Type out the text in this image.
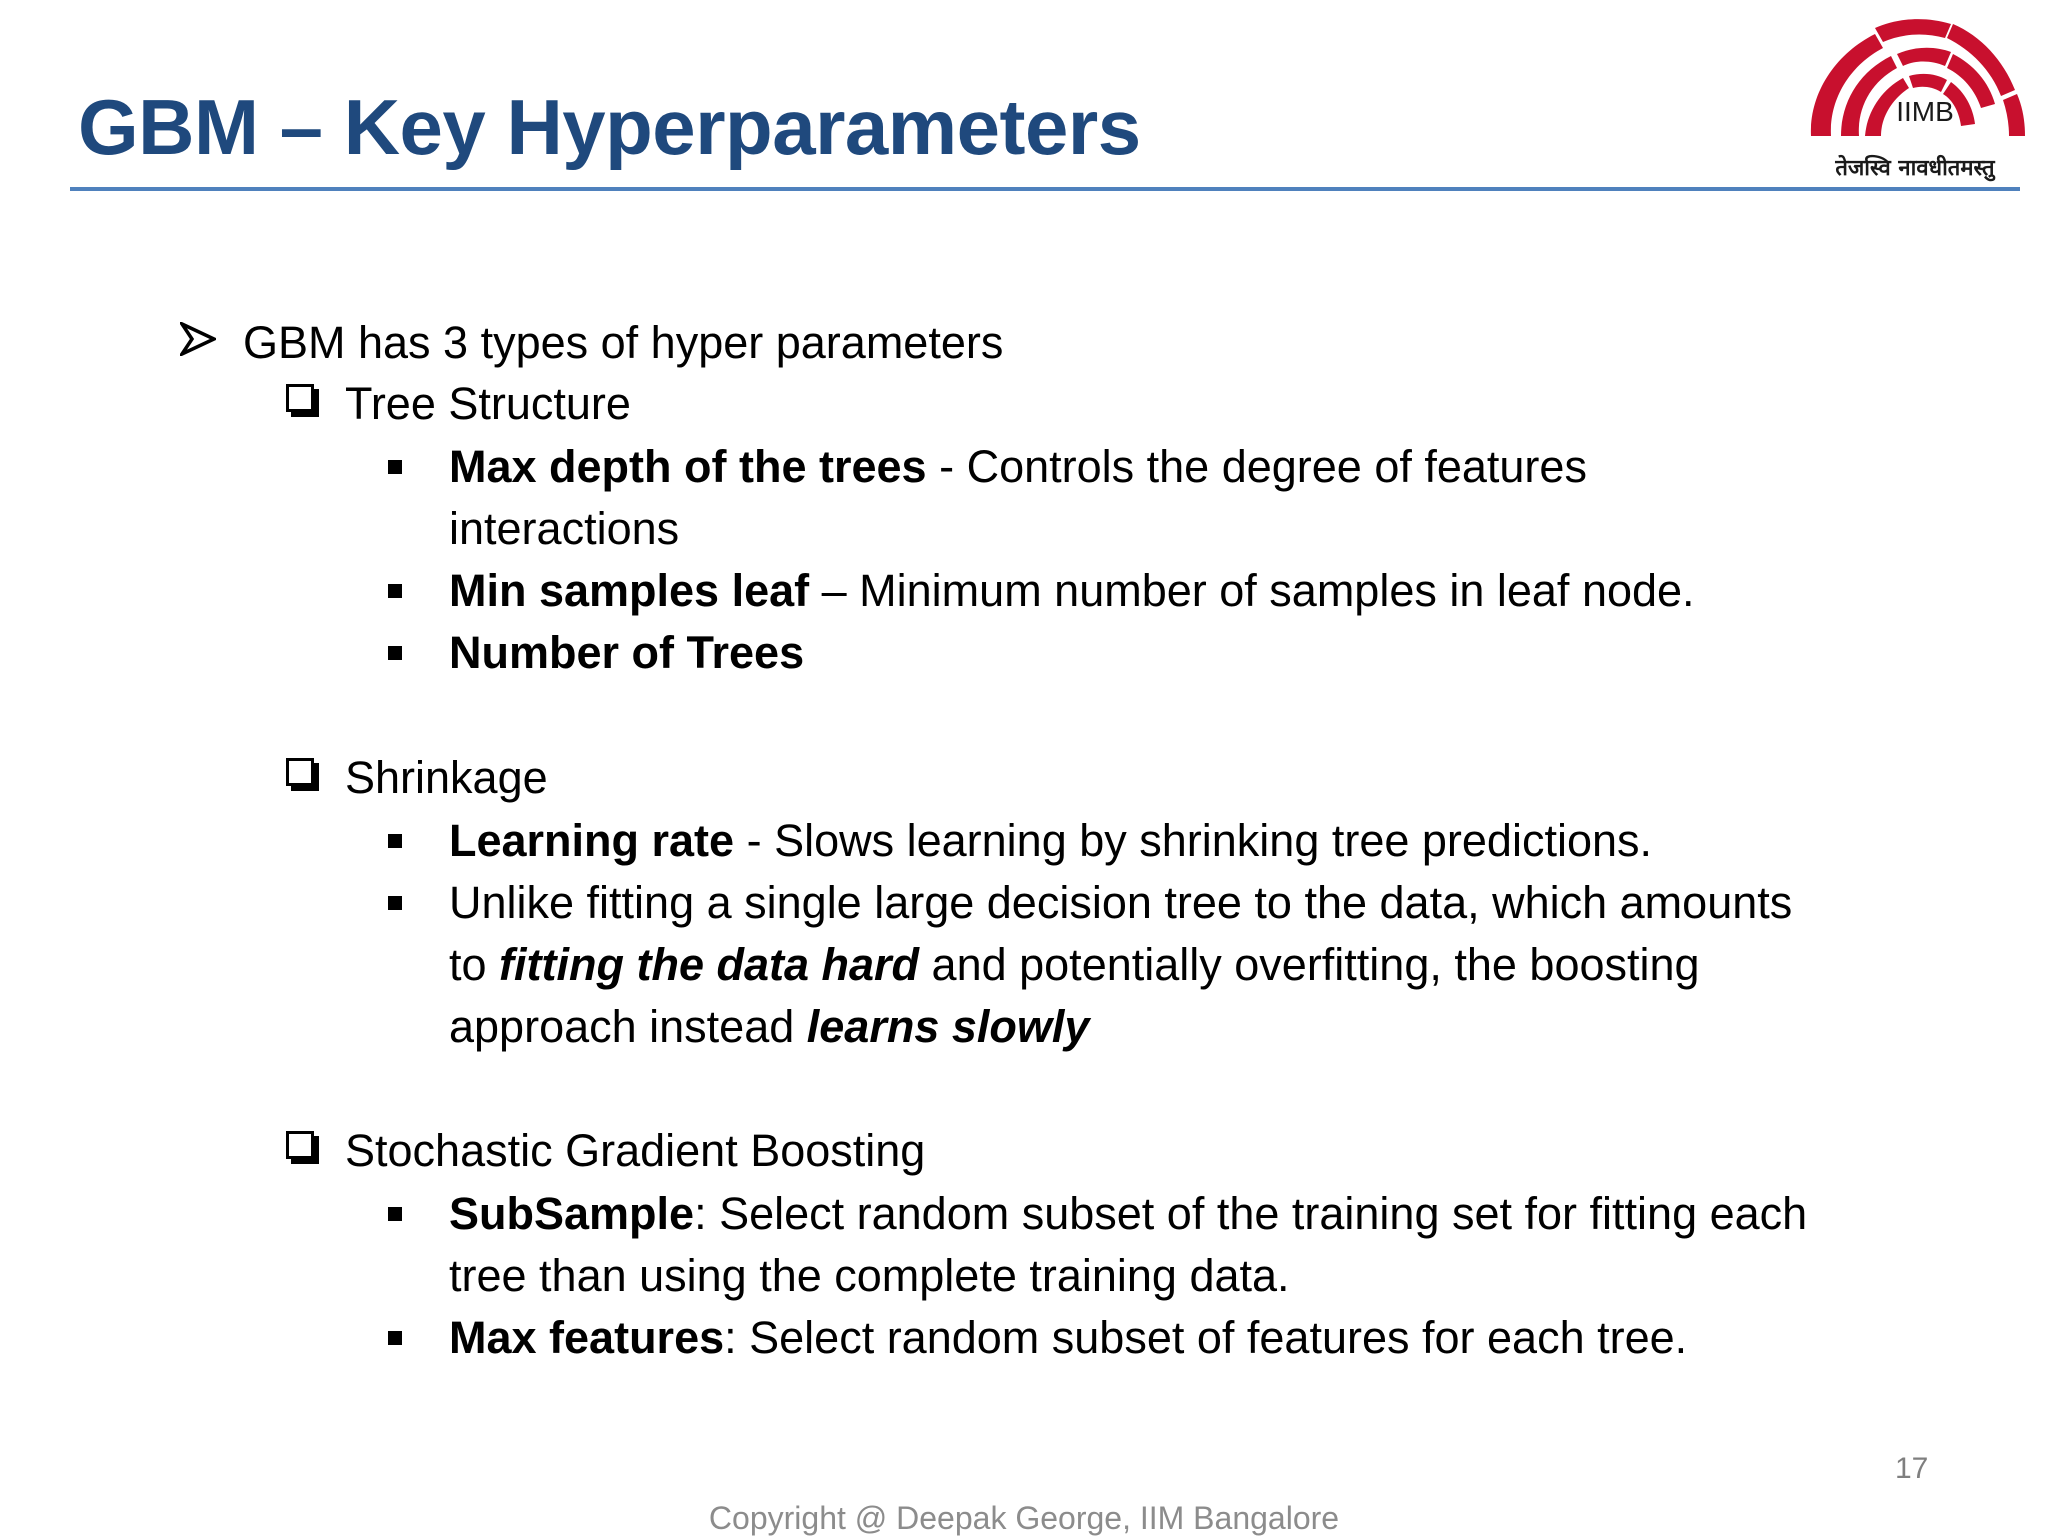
GBM – Key Hyperparameters	IIMB
तेजस्वि नावधीतमस्तु
GBM has 3 types of hyper parameters
Tree Structure
Max depth of the trees - Controls the degree of features
interactions
Min samples leaf – Minimum number of samples in leaf node.
Number of Trees
Shrinkage
Learning rate - Slows learning by shrinking tree predictions.
Unlike fitting a single large decision tree to the data, which amounts
to fitting the data hard and potentially overfitting, the boosting
approach instead learns slowly
Stochastic Gradient Boosting
SubSample: Select random subset of the training set for fitting each
tree than using the complete training data.
Max features: Select random subset of features for each tree.
17
Copyright @ Deepak George, IIM Bangalore
